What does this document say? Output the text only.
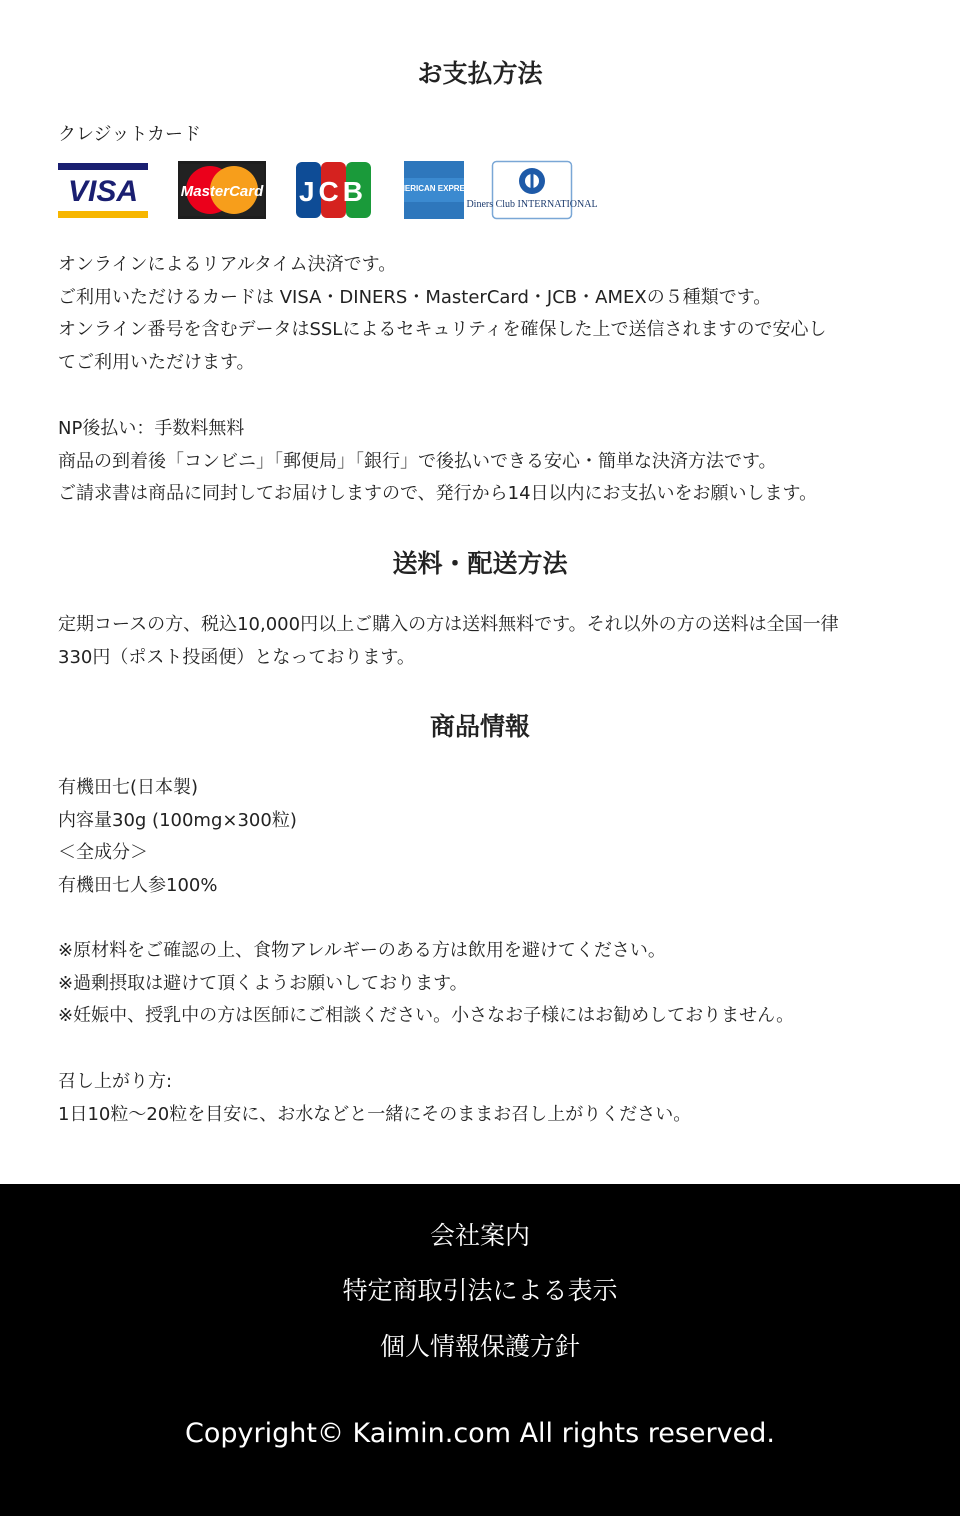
お支払方法

クレジットカード

VISA	MasterCard JCB	AMERICAN EXPRESS
Diners Club INTERNATIONAL

オンラインによるリアルタイム決済です。

ご利用いただけるカードは VISA・DINERS・MasterCard・JCB・AMEXの５種類です。

オンライン番号を含むデータはSSLによるセキュリティを確保した上で送信されますので安心し

てご利用いただけます。

NP後払い：手数料無料

商品の到着後「コンビニ」「郵便局」「銀行」で後払いできる安心・簡単な決済方法です。

ご請求書は商品に同封してお届けしますので、発行から14日以内にお支払いをお願いします。

送料・配送方法

定期コースの方、税込10,000円以上ご購入の方は送料無料です。それ以外の方の送料は全国一律

330円（ポスト投函便）となっております。

商品情報

有機田七(日本製)

内容量30g (100mg×300粒)

＜全成分＞

有機田七人参100%

※原材料をご確認の上、食物アレルギーのある方は飲用を避けてください。

※過剰摂取は避けて頂くようお願いしております。

※妊娠中、授乳中の方は医師にご相談ください。小さなお子様にはお勧めしておりません。

召し上がり方:

1日10粒～20粒を目安に、お水などと一緒にそのままお召し上がりください。

会社案内
特定商取引法による表示
個人情報保護方針
Copyright© Kaimin.com All rights reserved.
